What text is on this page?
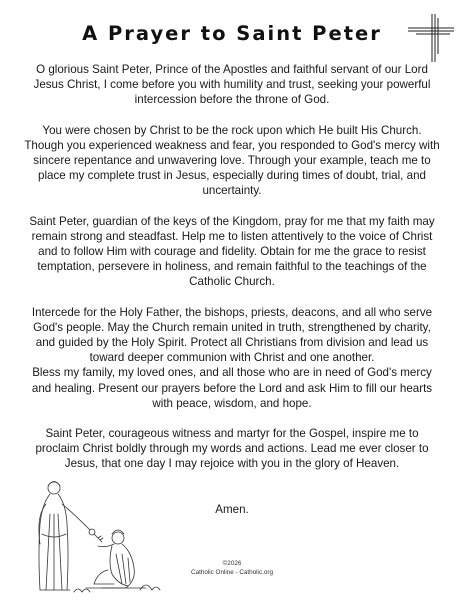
A Prayer to Saint Peter

O glorious Saint Peter, Prince of the Apostles and faithful servant of our Lord Jesus Christ, I come before you with humility and trust, seeking your powerful intercession before the throne of God.

You were chosen by Christ to be the rock upon which He built His Church. Though you experienced weakness and fear, you responded to God's mercy with sincere repentance and unwavering love. Through your example, teach me to place my complete trust in Jesus, especially during times of doubt, trial, and uncertainty.

Saint Peter, guardian of the keys of the Kingdom, pray for me that my faith may remain strong and steadfast. Help me to listen attentively to the voice of Christ and to follow Him with courage and fidelity. Obtain for me the grace to resist temptation, persevere in holiness, and remain faithful to the teachings of the Catholic Church.

Intercede for the Holy Father, the bishops, priests, deacons, and all who serve God's people. May the Church remain united in truth, strengthened by charity, and guided by the Holy Spirit. Protect all Christians from division and lead us toward deeper communion with Christ and one another.

Bless my family, my loved ones, and all those who are in need of God's mercy and healing. Present our prayers before the Lord and ask Him to fill our hearts with peace, wisdom, and hope.

Saint Peter, courageous witness and martyr for the Gospel, inspire me to proclaim Christ boldly through my words and actions. Lead me ever closer to Jesus, that one day I may rejoice with you in the glory of Heaven.

Amen.
©2026
Catholic Online - Catholic.org
